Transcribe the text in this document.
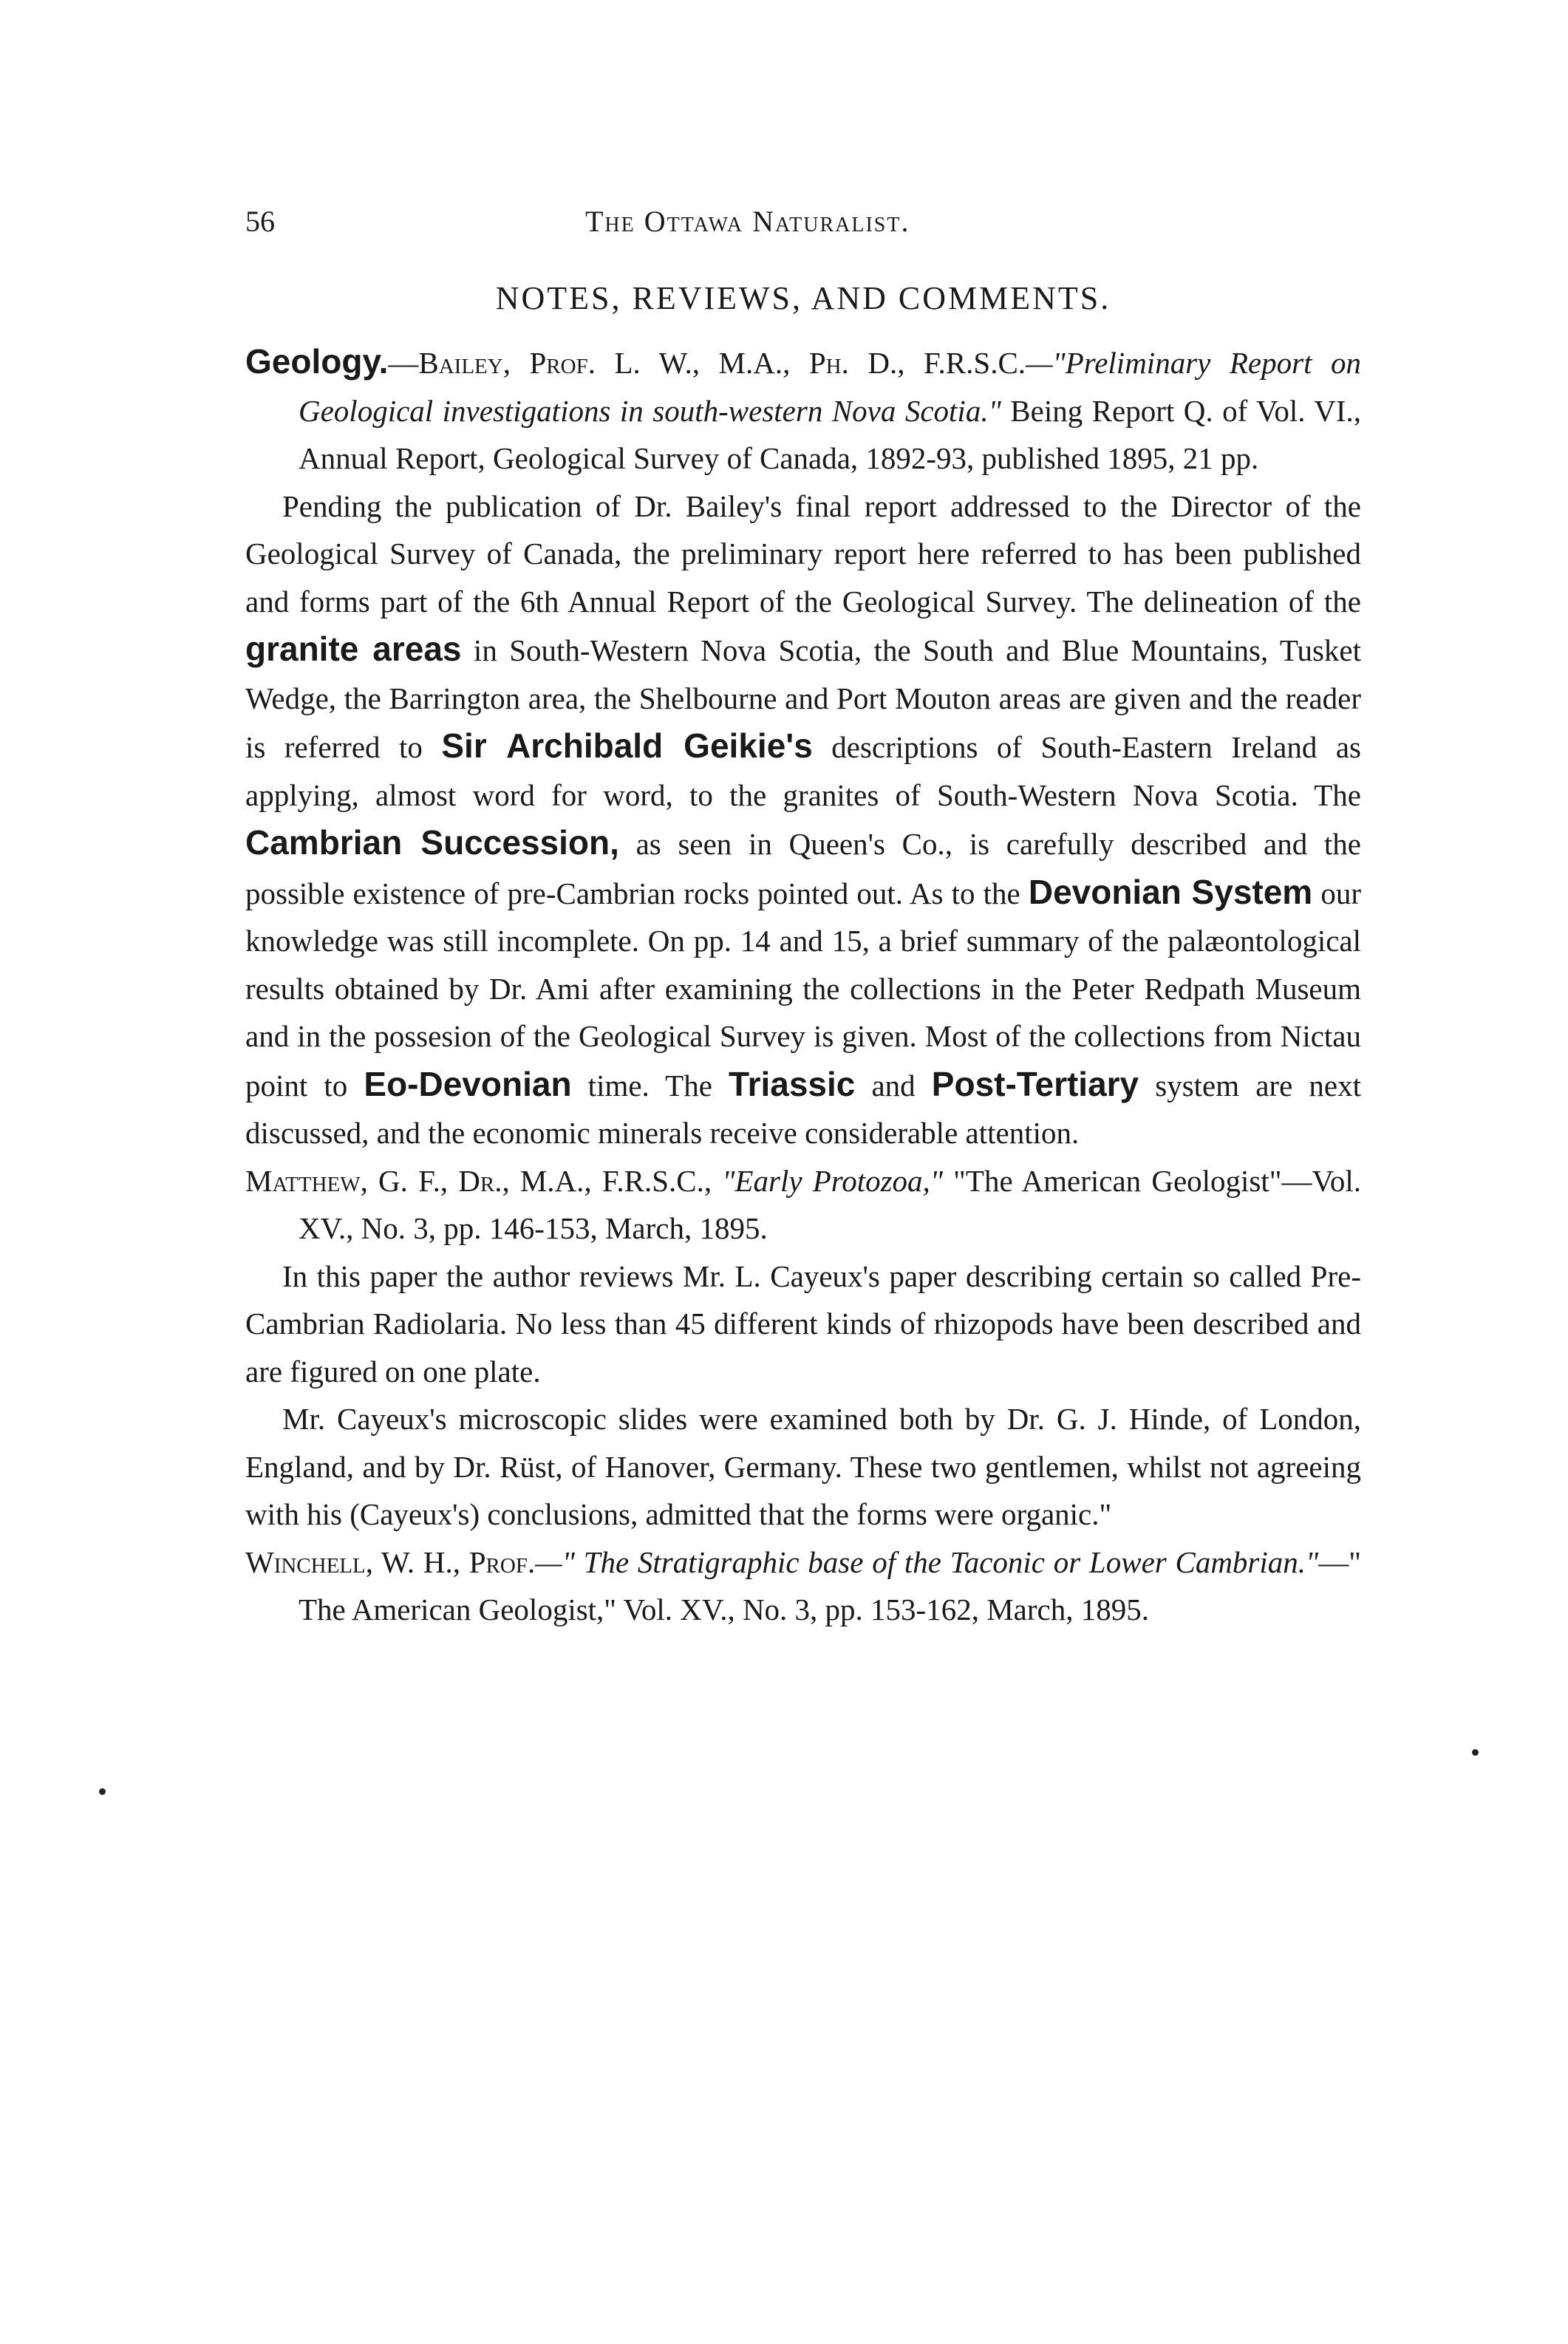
56	The Ottawa Naturalist.
NOTES, REVIEWS, AND COMMENTS.

Geology.—Bailey, Prof. L. W., M.A., Ph. D., F.R.S.C.—"Preliminary Report on Geological investigations in south-western Nova Scotia." Being Report Q. of Vol. VI., Annual Report, Geological Survey of Canada, 1892-93, published 1895, 21 pp.

Pending the publication of Dr. Bailey's final report addressed to the Director of the Geological Survey of Canada, the preliminary report here referred to has been published and forms part of the 6th Annual Report of the Geological Survey. The delineation of the granite areas in South-Western Nova Scotia, the South and Blue Mountains, Tusket Wedge, the Barrington area, the Shelbourne and Port Mouton areas are given and the reader is referred to Sir Archibald Geikie's descriptions of South-Eastern Ireland as applying, almost word for word, to the granites of South-Western Nova Scotia. The Cambrian Succession, as seen in Queen's Co., is carefully described and the possible existence of pre-Cambrian rocks pointed out. As to the Devonian System our knowledge was still incomplete. On pp. 14 and 15, a brief summary of the palæontological results obtained by Dr. Ami after examining the collections in the Peter Redpath Museum and in the possesion of the Geological Survey is given. Most of the collections from Nictau point to Eo-Devonian time. The Triassic and Post-Tertiary system are next discussed, and the economic minerals receive considerable attention.

Matthew, G. F., Dr., M.A., F.R.S.C., "Early Protozoa," "The American Geologist"—Vol. XV., No. 3, pp. 146-153, March, 1895.

In this paper the author reviews Mr. L. Cayeux's paper describing certain so called Pre-Cambrian Radiolaria. No less than 45 different kinds of rhizopods have been described and are figured on one plate.

Mr. Cayeux's microscopic slides were examined both by Dr. G. J. Hinde, of London, England, and by Dr. Rüst, of Hanover, Germany. These two gentlemen, whilst not agreeing with his (Cayeux's) conclusions, admitted that the forms were organic."

Winchell, W. H., Prof.—" The Stratigraphic base of the Taconic or Lower Cambrian."—" The American Geologist," Vol. XV., No. 3, pp. 153-162, March, 1895.
